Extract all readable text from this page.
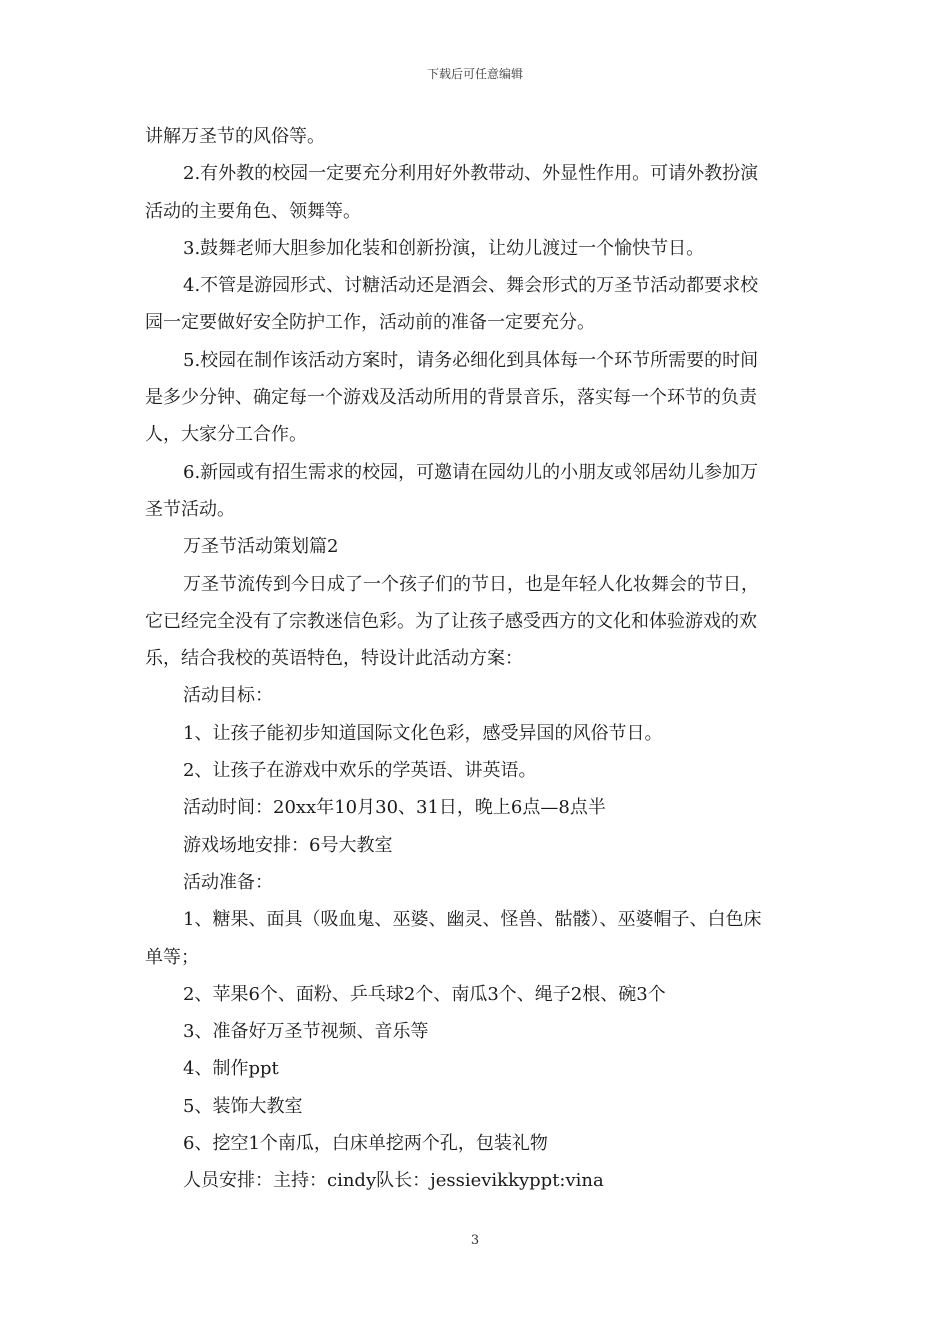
下载后可任意编辑
讲解万圣节的风俗等。
2.有外教的校园一定要充分利用好外教带动、外显性作用。可请外教扮演
活动的主要角色、领舞等。
3.鼓舞老师大胆参加化装和创新扮演，让幼儿渡过一个愉快节日。
4.不管是游园形式、讨糖活动还是酒会、舞会形式的万圣节活动都要求校
园一定要做好安全防护工作，活动前的准备一定要充分。
5.校园在制作该活动方案时，请务必细化到具体每一个环节所需要的时间
是多少分钟、确定每一个游戏及活动所用的背景音乐，落实每一个环节的负责
人，大家分工合作。
6.新园或有招生需求的校园，可邀请在园幼儿的小朋友或邻居幼儿参加万
圣节活动。
万圣节活动策划篇2
万圣节流传到今日成了一个孩子们的节日，也是年轻人化妆舞会的节日，
它已经完全没有了宗教迷信色彩。为了让孩子感受西方的文化和体验游戏的欢
乐，结合我校的英语特色，特设计此活动方案：
活动目标：
1、让孩子能初步知道国际文化色彩，感受异国的风俗节日。
2、让孩子在游戏中欢乐的学英语、讲英语。
活动时间：20xx年10月30、31日，晚上6点—8点半
游戏场地安排：6号大教室
活动准备：
1、糖果、面具（吸血鬼、巫婆、幽灵、怪兽、骷髅）、巫婆帽子、白色床
单等；
2、苹果6个、面粉、乒乓球2个、南瓜3个、绳子2根、碗3个
3、准备好万圣节视频、音乐等
4、制作ppt
5、装饰大教室
6、挖空1个南瓜，白床单挖两个孔，包装礼物
人员安排：主持：cindy队长：jessievikkyppt:vina
3
